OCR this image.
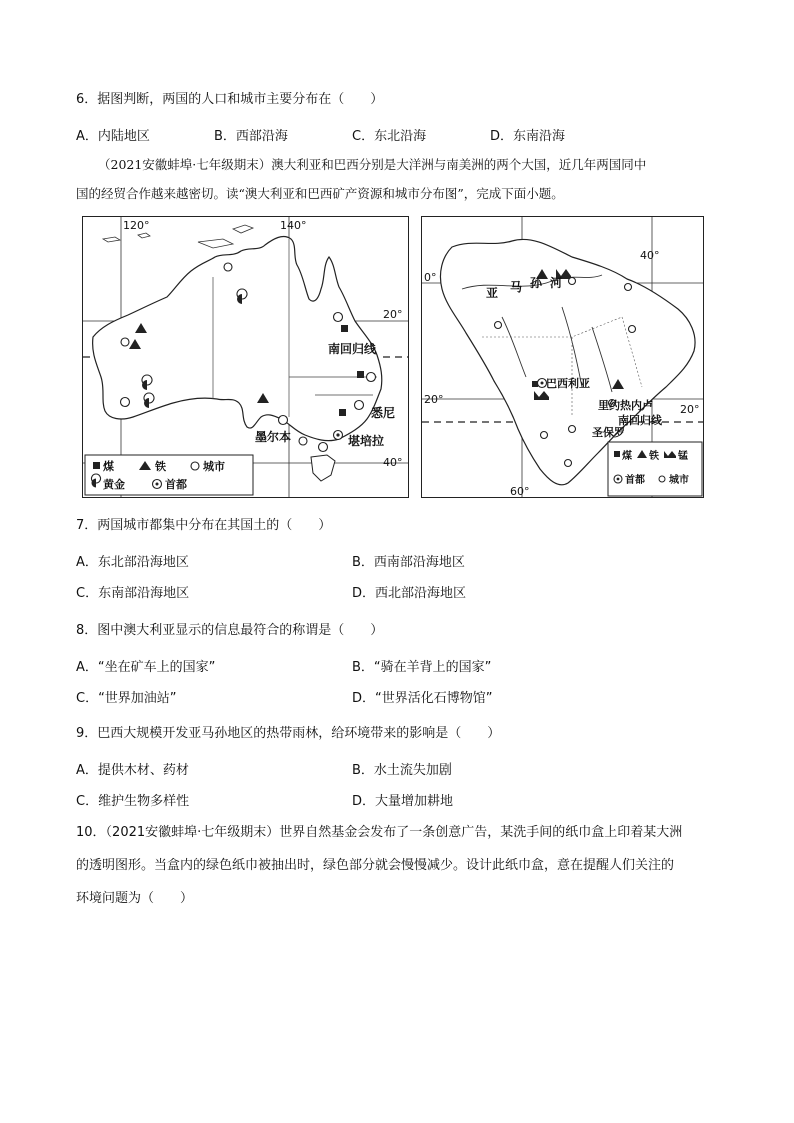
6．据图判断，两国的人口和城市主要分布在（　　）
A．内陆地区	B．西部沿海	C．东北沿海	D．东南沿海
（2021安徽蚌埠·七年级期末）澳大利亚和巴西分别是大洋洲与南美洲的两个大国，近几年两国同中
国的经贸合作越来越密切。读“澳大利亚和巴西矿产资源和城市分布图”，完成下面小题。
120°	140°
20°
40°
南回归线
悉尼
堪培拉
墨尔本
煤	铁	城市
黄金	首都
0°
40°
20°
20°
60°
亚 马 孙 河
巴西利亚
里约热内卢
南回归线
圣保罗
煤 铁 锰
首都 城市
7．两国城市都集中分布在其国土的（　　）
A．东北部沿海地区	B．西南部沿海地区
C．东南部沿海地区	D．西北部沿海地区
8．图中澳大利亚显示的信息最符合的称谓是（　　）
A．“坐在矿车上的国家”	B．“骑在羊背上的国家”
C．“世界加油站”	D．“世界活化石博物馆”
9．巴西大规模开发亚马孙地区的热带雨林，给环境带来的影响是（　　）
A．提供木材、药材	B．水土流失加剧
C．维护生物多样性	D．大量增加耕地
10．（2021安徽蚌埠·七年级期末）世界自然基金会发布了一条创意广告，某洗手间的纸巾盒上印着某大洲
的透明图形。当盒内的绿色纸巾被抽出时，绿色部分就会慢慢减少。设计此纸巾盒，意在提醒人们关注的
环境问题为（　　）
